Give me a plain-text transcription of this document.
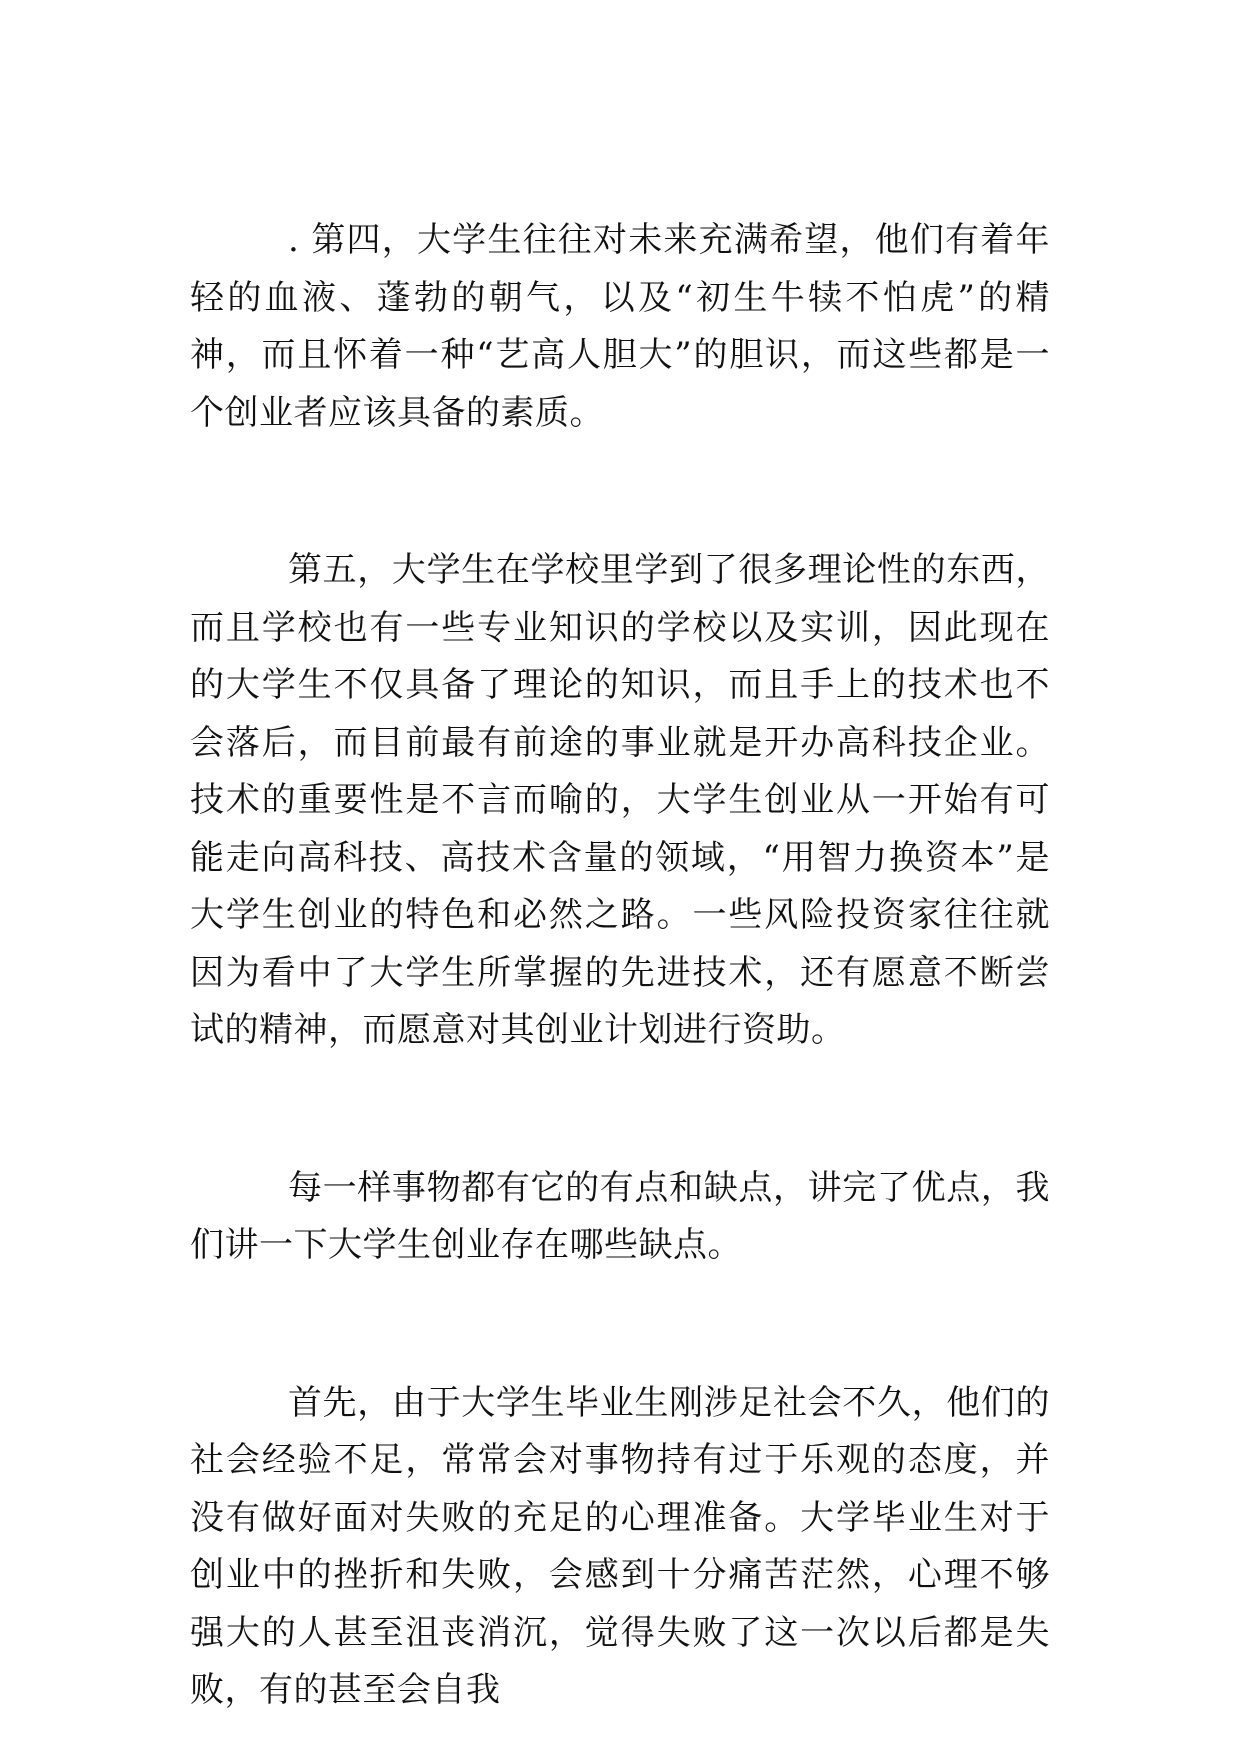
. 第四，大学生往往对未来充满希望，他们有着年轻的血液、蓬勃的朝气，以及“初生牛犊不怕虎”的精神，而且怀着一种“艺高人胆大”的胆识，而这些都是一个创业者应该具备的素质。

第五，大学生在学校里学到了很多理论性的东西，而且学校也有一些专业知识的学校以及实训，因此现在的大学生不仅具备了理论的知识，而且手上的技术也不会落后，而目前最有前途的事业就是开办高科技企业。技术的重要性是不言而喻的，大学生创业从一开始有可能走向高科技、高技术含量的领域，“用智力换资本”是大学生创业的特色和必然之路。一些风险投资家往往就因为看中了大学生所掌握的先进技术，还有愿意不断尝试的精神，而愿意对其创业计划进行资助。

每一样事物都有它的有点和缺点，讲完了优点，我们讲一下大学生创业存在哪些缺点。

首先，由于大学生毕业生刚涉足社会不久，他们的社会经验不足，常常会对事物持有过于乐观的态度，并没有做好面对失败的充足的心理准备。大学毕业生对于创业中的挫折和失败，会感到十分痛苦茫然，心理不够强大的人甚至沮丧消沉，觉得失败了这一次以后都是失败，有的甚至会自我
